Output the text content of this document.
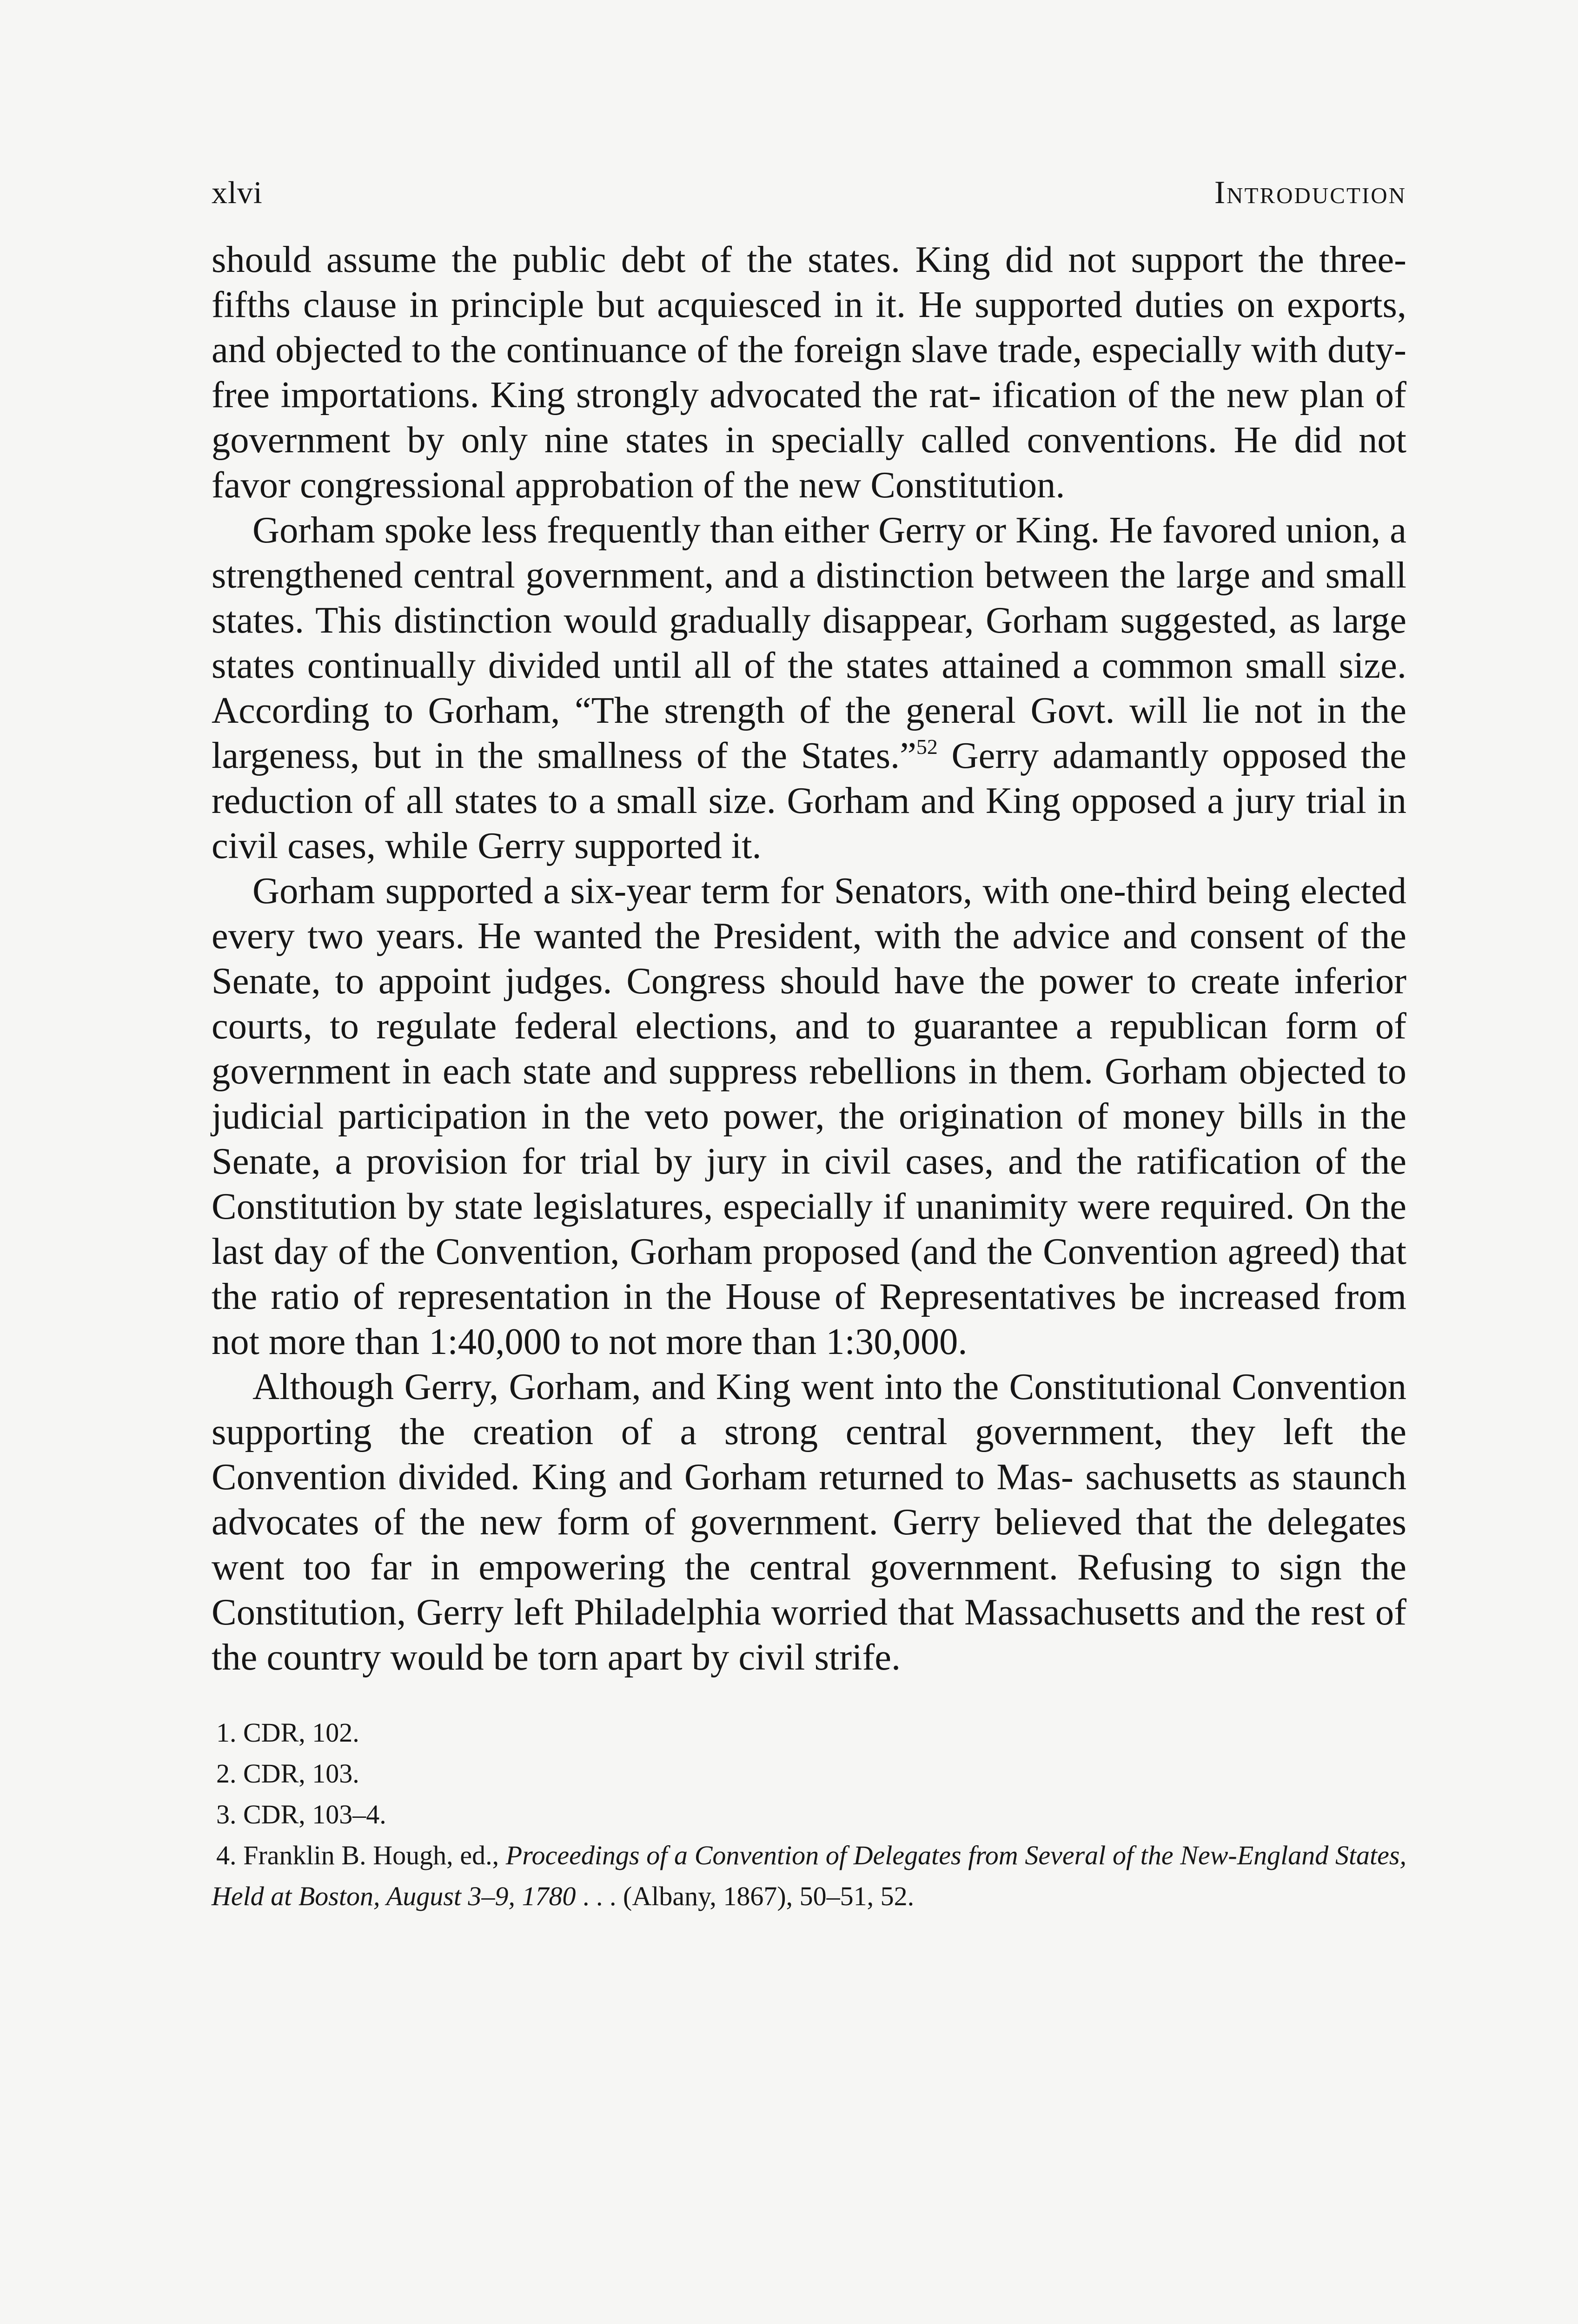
xlvi	Introduction

should assume the public debt of the states. King did not support the three-fifths clause in principle but acquiesced in it. He supported duties on exports, and objected to the continuance of the foreign slave trade, especially with duty-free importations. King strongly advocated the rat- ification of the new plan of government by only nine states in specially called conventions. He did not favor congressional approbation of the new Constitution.

Gorham spoke less frequently than either Gerry or King. He favored union, a strengthened central government, and a distinction between the large and small states. This distinction would gradually disappear, Gorham suggested, as large states continually divided until all of the states attained a common small size. According to Gorham, “The strength of the general Govt. will lie not in the largeness, but in the smallness of the States.”$^{52}$ Gerry adamantly opposed the reduction of all states to a small size. Gorham and King opposed a jury trial in civil cases, while Gerry supported it.

Gorham supported a six-year term for Senators, with one-third being elected every two years. He wanted the President, with the advice and consent of the Senate, to appoint judges. Congress should have the power to create inferior courts, to regulate federal elections, and to guarantee a republican form of government in each state and suppress rebellions in them. Gorham objected to judicial participation in the veto power, the origination of money bills in the Senate, a provision for trial by jury in civil cases, and the ratification of the Constitution by state legislatures, especially if unanimity were required. On the last day of the Convention, Gorham proposed (and the Convention agreed) that the ratio of representation in the House of Representatives be increased from not more than 1:40,000 to not more than 1:30,000.

Although Gerry, Gorham, and King went into the Constitutional Convention supporting the creation of a strong central government, they left the Convention divided. King and Gorham returned to Mas- sachusetts as staunch advocates of the new form of government. Gerry believed that the delegates went too far in empowering the central government. Refusing to sign the Constitution, Gerry left Philadelphia worried that Massachusetts and the rest of the country would be torn apart by civil strife.

1. CDR, 102.

2. CDR, 103.

3. CDR, 103–4.

4. Franklin B. Hough, ed., Proceedings of a Convention of Delegates from Several of the New-England States, Held at Boston, August 3–9, 1780 . . . (Albany, 1867), 50–51, 52.
